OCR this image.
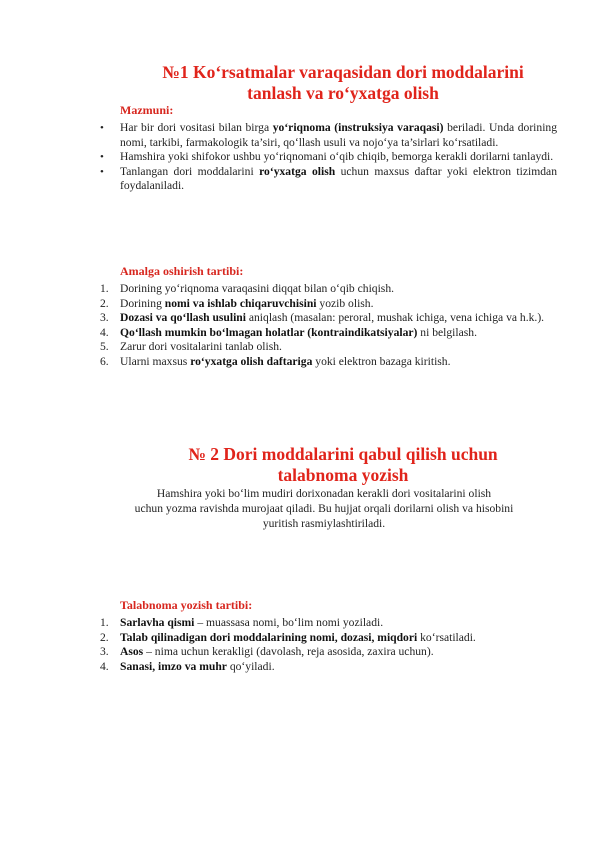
№1 Ko‘rsatmalar varaqasidan dori moddalarini
tanlash va ro‘yxatga olish
Mazmuni:
• Har bir dori vositasi bilan birga yo‘riqnoma (instruksiya varaqasi) beriladi. Unda dorining nomi, tarkibi, farmakologik ta’siri, qo‘llash usuli va nojo‘ya ta’sirlari ko‘rsatiladi.
• Hamshira yoki shifokor ushbu yo‘riqnomani o‘qib chiqib, bemorga kerakli dorilarni tanlaydi.
• Tanlangan dori moddalarini ro‘yxatga olish uchun maxsus daftar yoki elektron tizimdan foydalaniladi.
Amalga oshirish tartibi:
1. Dorining yo‘riqnoma varaqasini diqqat bilan o‘qib chiqish.
2. Dorining nomi va ishlab chiqaruvchisini yozib olish.
3. Dozasi va qo‘llash usulini aniqlash (masalan: peroral, mushak ichiga, vena ichiga va h.k.).
4. Qo‘llash mumkin bo‘lmagan holatlar (kontraindikatsiyalar) ni belgilash.
5. Zarur dori vositalarini tanlab olish.
6. Ularni maxsus ro‘yxatga olish daftariga yoki elektron bazaga kiritish.
№ 2 Dori moddalarini qabul qilish uchun
talabnoma yozish
Hamshira yoki bo‘lim mudiri dorixonadan kerakli dori vositalarini olish
uchun yozma ravishda murojaat qiladi. Bu hujjat orqali dorilarni olish va hisobini
yuritish rasmiylashtiriladi.
Talabnoma yozish tartibi:
1. Sarlavha qismi – muassasa nomi, bo‘lim nomi yoziladi.
2. Talab qilinadigan dori moddalarining nomi, dozasi, miqdori ko‘rsatiladi.
3. Asos – nima uchun kerakligi (davolash, reja asosida, zaxira uchun).
4. Sanasi, imzo va muhr qo‘yiladi.
